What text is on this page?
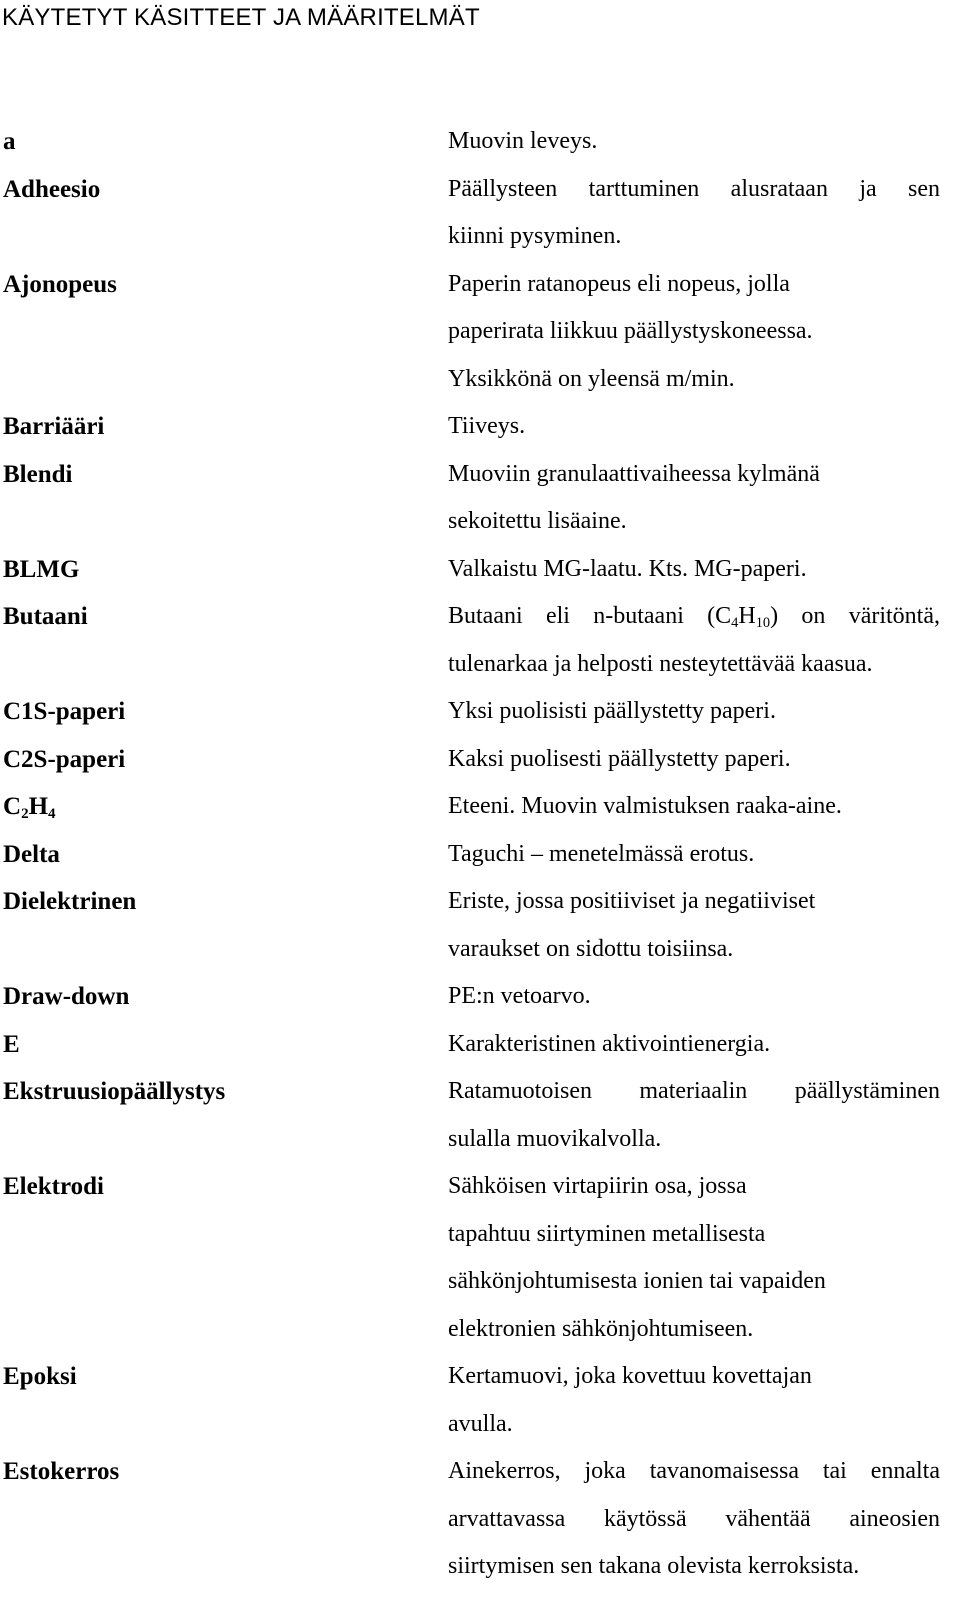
KÄYTETYT KÄSITTEET JA MÄÄRITELMÄT
a	Muovin leveys.
Adheesio	Päällysteen tarttuminen alusrataan ja sen
kiinni pysyminen.
Ajonopeus	Paperin ratanopeus eli nopeus, jolla
paperirata liikkuu päällystyskoneessa.
Yksikkönä on yleensä m/min.
Barriääri	Tiiveys.
Blendi	Muoviin granulaattivaiheessa kylmänä
sekoitettu lisäaine.
BLMG	Valkaistu MG-laatu. Kts. MG-paperi.
Butaani	Butaani eli n-butaani $(C_4H_{10})$ on väritöntä,
tulenarkaa ja helposti nesteytettävää kaasua.
C1S-paperi	Yksi puolisisti päällystetty paperi.
C2S-paperi	Kaksi puolisesti päällystetty paperi.
$C_2H_4$	Eteeni. Muovin valmistuksen raaka-aine.
Delta	Taguchi – menetelmässä erotus.
Dielektrinen	Eriste, jossa positiiviset ja negatiiviset
varaukset on sidottu toisiinsa.
Draw-down	PE:n vetoarvo.
E	Karakteristinen aktivointienergia.
Ekstruusiopäällystys	Ratamuotoisen materiaalin päällystäminen
sulalla muovikalvolla.
Elektrodi	Sähköisen virtapiirin osa, jossa
tapahtuu siirtyminen metallisesta
sähkönjohtumisesta ionien tai vapaiden
elektronien sähkönjohtumiseen.
Epoksi	Kertamuovi, joka kovettuu kovettajan
avulla.
Estokerros	Ainekerros, joka tavanomaisessa tai ennalta
arvattavassa käytössä vähentää aineosien
siirtymisen sen takana olevista kerroksista.
